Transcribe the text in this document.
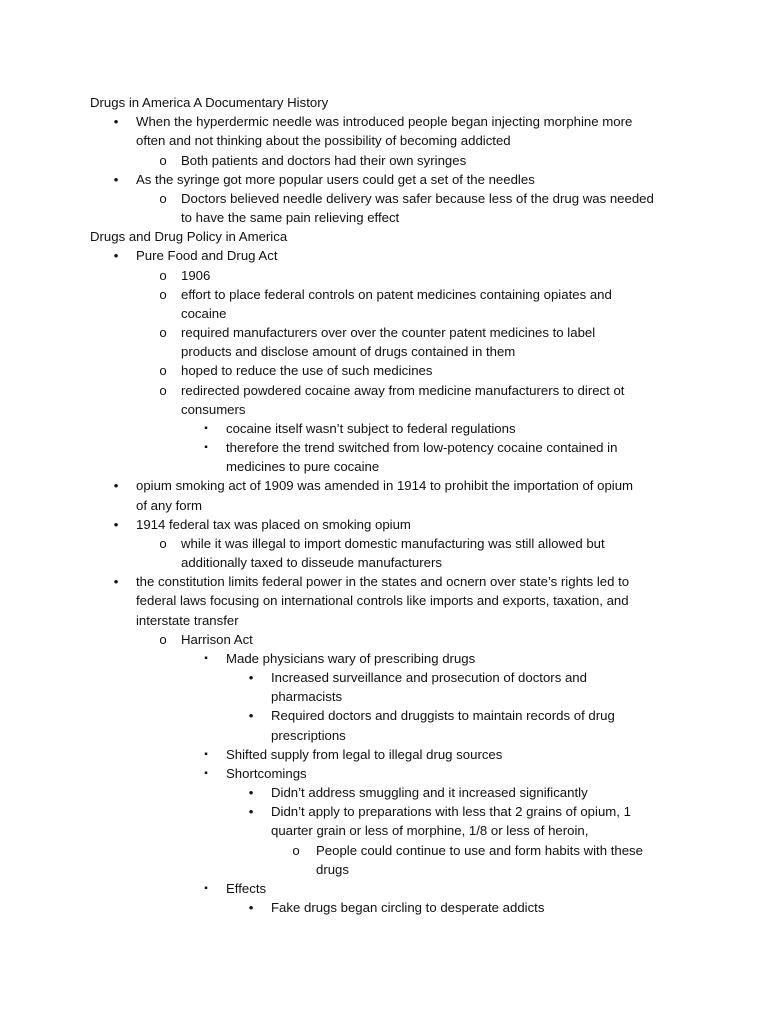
Drugs in America A Documentary History
• When the hyperdermic needle was introduced people began injecting morphine more
often and not thinking about the possibility of becoming addicted
o Both patients and doctors had their own syringes
• As the syringe got more popular users could get a set of the needles
o Doctors believed needle delivery was safer because less of the drug was needed
to have the same pain relieving effect
Drugs and Drug Policy in America
• Pure Food and Drug Act
o 1906
o effort to place federal controls on patent medicines containing opiates and
cocaine
o required manufacturers over over the counter patent medicines to label
products and disclose amount of drugs contained in them
o hoped to reduce the use of such medicines
o redirected powdered cocaine away from medicine manufacturers to direct ot
consumers
▪	cocaine itself wasn’t subject to federal regulations
▪	therefore the trend switched from low-potency cocaine contained in
medicines to pure cocaine
• opium smoking act of 1909 was amended in 1914 to prohibit the importation of opium
of any form
• 1914 federal tax was placed on smoking opium
o while it was illegal to import domestic manufacturing was still allowed but
additionally taxed to disseude manufacturers
• the constitution limits federal power in the states and ocnern over state’s rights led to
federal laws focusing on international controls like imports and exports, taxation, and
interstate transfer
o Harrison Act
▪	Made physicians wary of prescribing drugs
• Increased surveillance and prosecution of doctors and
pharmacists
• Required doctors and druggists to maintain records of drug
prescriptions
▪	Shifted supply from legal to illegal drug sources
▪	Shortcomings
• Didn’t address smuggling and it increased significantly
• Didn’t apply to preparations with less that 2 grains of opium, 1
quarter grain or less of morphine, 1/8 or less of heroin,
o People could continue to use and form habits with these
drugs
▪	Effects
• Fake drugs began circling to desperate addicts
